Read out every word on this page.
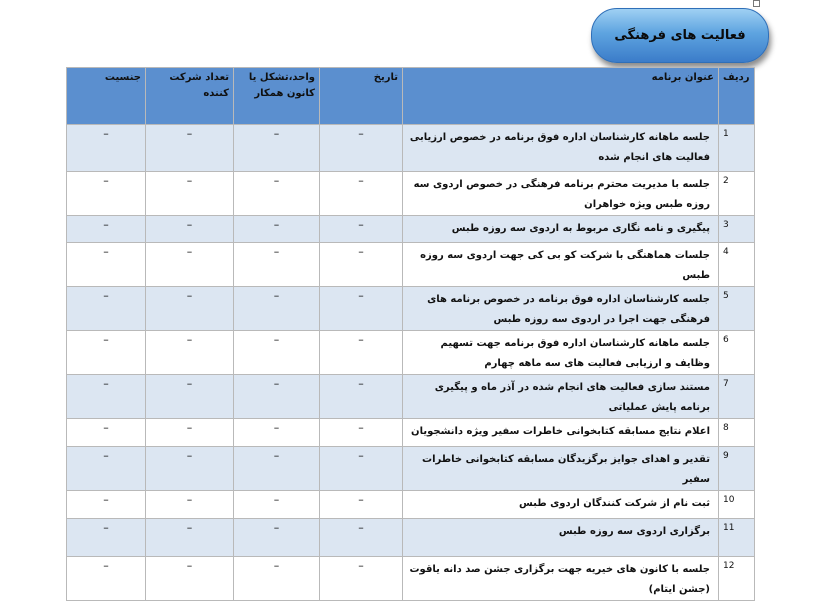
فعالیت های فرهنگی
ردیف	عنوان برنامه	تاریخ	واحد،تشکل یا کانون همکار	تعداد شرکت کننده	جنسیت
1	جلسه ماهانه کارشناسان اداره فوق برنامه در خصوص ارزیابی فعالیت های انجام شده	–	–	–	–
2	جلسه با مدیریت محترم برنامه فرهنگی در خصوص اردوی سه روزه طبس ویژه خواهران	–	–	–	–
3	پیگیری و نامه نگاری مربوط به اردوی سه روزه طبس	–	–	–	–
4	جلسات هماهنگی با شرکت کو بی کی جهت اردوی سه روزه طبس	–	–	–	–
5	جلسه کارشناسان اداره فوق برنامه در خصوص برنامه های فرهنگی جهت اجرا در اردوی سه روزه طبس	–	–	–	–
6	جلسه ماهانه کارشناسان اداره فوق برنامه جهت تسهیم وظایف و ارزیابی فعالیت های سه ماهه چهارم	–	–	–	–
7	مستند سازی فعالیت های انجام شده در آذر ماه و پیگیری برنامه پایش عملیاتی	–	–	–	–
8	اعلام نتایج مسابقه کتابخوانی خاطرات سفیر ویژه دانشجویان	–	–	–	–
9	تقدیر و اهدای جوایز برگزیدگان مسابقه کتابخوانی خاطرات سفیر	–	–	–	–
10	ثبت نام از شرکت کنندگان اردوی طبس	–	–	–	–
11	برگزاری اردوی سه روزه طبس	–	–	–	–
12	جلسه با کانون های خیریه جهت برگزاری جشن صد دانه یاقوت (جشن ایتام)	–	–	–	–
